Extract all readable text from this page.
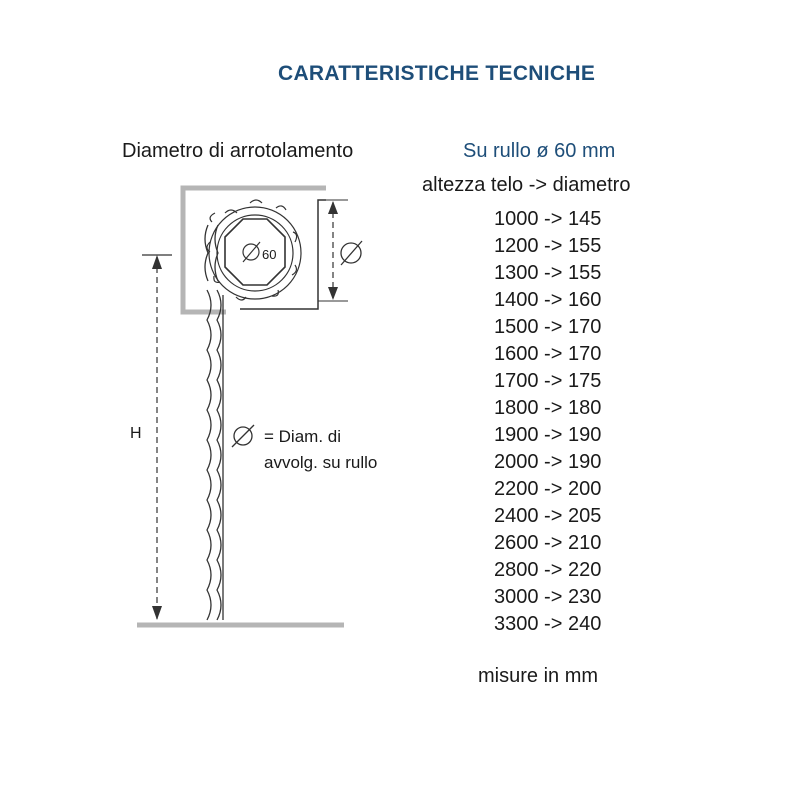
CARATTERISTICHE TECNICHE
Diametro di arrotolamento	Su rullo ø 60 mm
altezza telo -> diametro
1000 -> 145
1200 -> 155
1300 -> 155
1400 -> 160
1500 -> 170
1600 -> 170
1700 -> 175
1800 -> 180
1900 -> 190
2000 -> 190
2200 -> 200
2400 -> 205
2600 -> 210
2800 -> 220
3000 -> 230
3300 -> 240
misure in mm
60
H	= Diam. di
avvolg. su rullo
